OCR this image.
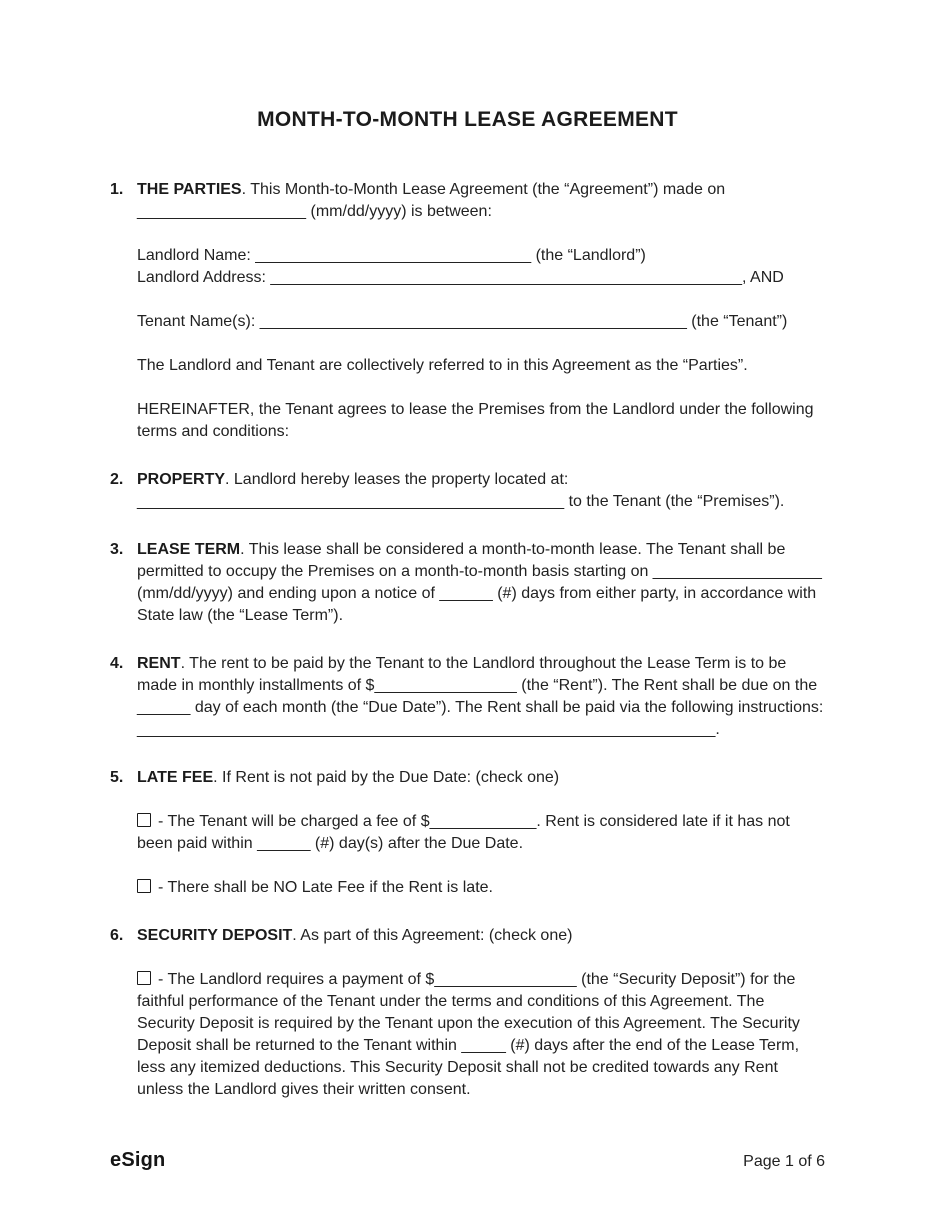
MONTH-TO-MONTH LEASE AGREEMENT
1. THE PARTIES. This Month-to-Month Lease Agreement (the “Agreement”) made on ___________________ (mm/dd/yyyy) is between:

Landlord Name: _______________________________ (the “Landlord”)
Landlord Address: _____________________________________________________, AND

Tenant Name(s): ________________________________________________ (the “Tenant”)

The Landlord and Tenant are collectively referred to in this Agreement as the “Parties”.

HEREINAFTER, the Tenant agrees to lease the Premises from the Landlord under the following terms and conditions:

2. PROPERTY. Landlord hereby leases the property located at:
________________________________________________ to the Tenant (the “Premises”).

3. LEASE TERM. This lease shall be considered a month-to-month lease. The Tenant shall be permitted to occupy the Premises on a month-to-month basis starting on ___________________ (mm/dd/yyyy) and ending upon a notice of ______ (#) days from either party, in accordance with State law (the “Lease Term”).

4. RENT. The rent to be paid by the Tenant to the Landlord throughout the Lease Term is to be made in monthly installments of $________________ (the “Rent”). The Rent shall be due on the ______ day of each month (the “Due Date”). The Rent shall be paid via the following instructions: _________________________________________________________________.

5. LATE FEE. If Rent is not paid by the Due Date: (check one)

- The Tenant will be charged a fee of $____________. Rent is considered late if it has not been paid within ______ (#) day(s) after the Due Date.

- There shall be NO Late Fee if the Rent is late.

6. SECURITY DEPOSIT. As part of this Agreement: (check one)

- The Landlord requires a payment of $________________ (the “Security Deposit”) for the faithful performance of the Tenant under the terms and conditions of this Agreement. The Security Deposit is required by the Tenant upon the execution of this Agreement. The Security Deposit shall be returned to the Tenant within _____ (#) days after the end of the Lease Term, less any itemized deductions. This Security Deposit shall not be credited towards any Rent unless the Landlord gives their written consent.

eSign	Page 1 of 6
